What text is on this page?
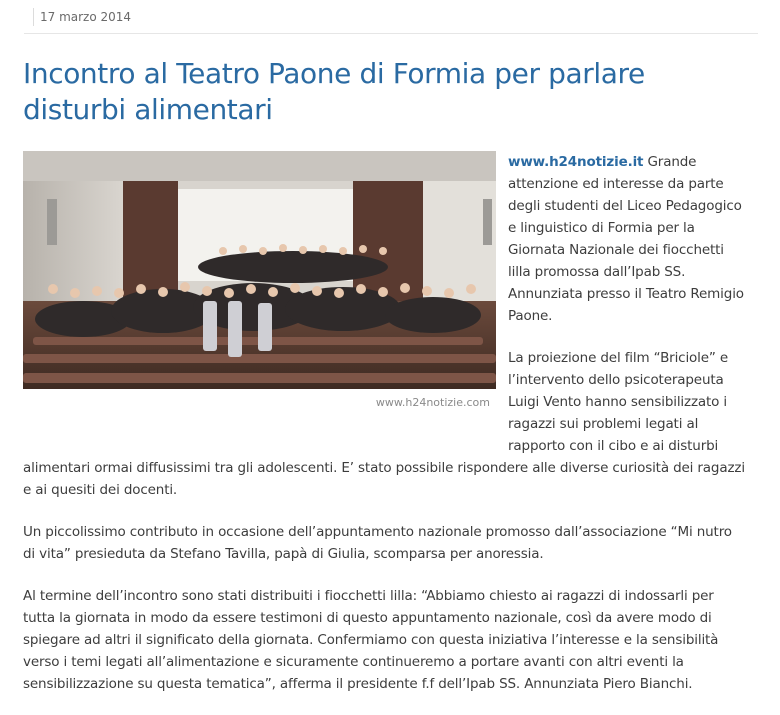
17 marzo 2014
Incontro al Teatro Paone di Formia per parlare disturbi alimentari

www.h24notizie.it Grande attenzione ed interesse da parte degli studenti del Liceo Pedagogico e linguistico di Formia per la Giornata Nazionale dei fiocchetti lilla promossa dall’Ipab SS. Annunziata presso il Teatro Remigio Paone.

La proiezione del film “Briciole” e l’intervento dello psicoterapeuta Luigi Vento hanno sensibilizzato i ragazzi sui problemi legati al rapporto con il cibo e ai disturbi alimentari ormai diffusissimi tra gli adolescenti. E’ stato possibile rispondere alle diverse curiosità dei ragazzi e ai quesiti dei docenti.

Un piccolissimo contributo in occasione dell’appuntamento nazionale promosso dall’associazione “Mi nutro di vita” presieduta da Stefano Tavilla, papà di Giulia, scomparsa per anoressia.

Al termine dell’incontro sono stati distribuiti i fiocchetti lilla: “Abbiamo chiesto ai ragazzi di indossarli per tutta la giornata in modo da essere testimoni di questo appuntamento nazionale, così da avere modo di spiegare ad altri il significato della giornata. Confermiamo con questa iniziativa l’interesse e la sensibilità verso i temi legati all’alimentazione e sicuramente continueremo a portare avanti con altri eventi la sensibilizzazione su questa tematica”, afferma il presidente f.f dell’Ipab SS. Annunziata Piero Bianchi.

www.h24notizie.com
